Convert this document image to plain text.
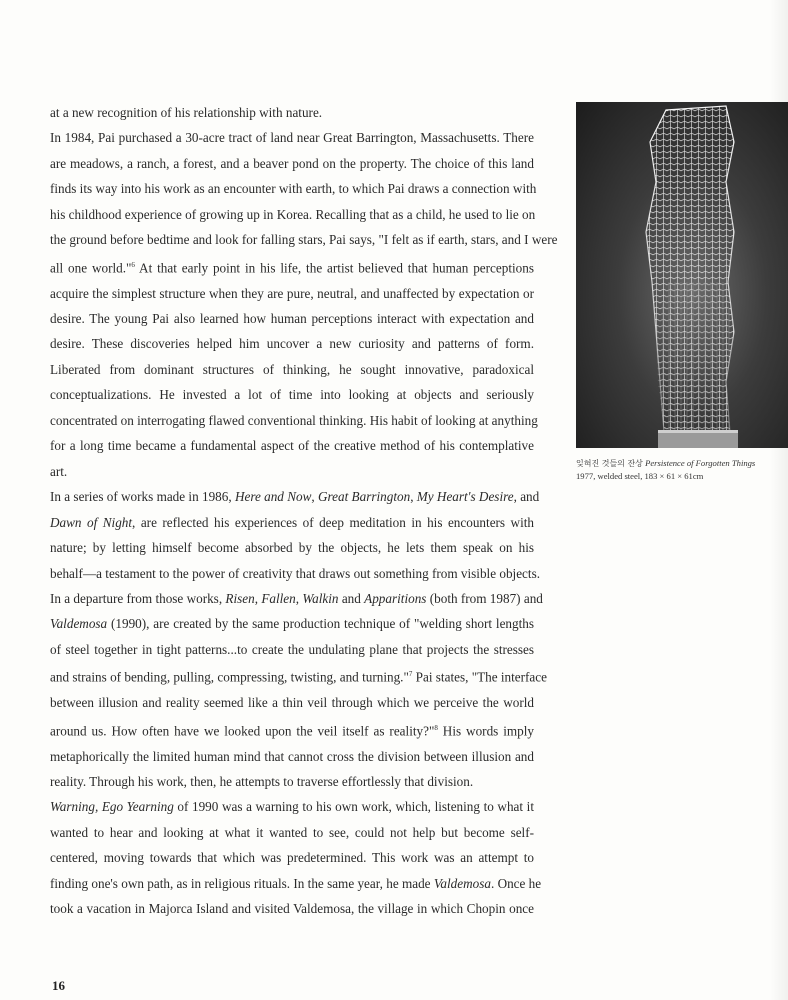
at a new recognition of his relationship with nature.
In 1984, Pai purchased a 30-acre tract of land near Great Barrington, Massachusetts. There
are meadows, a ranch, a forest, and a beaver pond on the property. The choice of this land
finds its way into his work as an encounter with earth, to which Pai draws a connection with
his childhood experience of growing up in Korea. Recalling that as a child, he used to lie on
the ground before bedtime and look for falling stars, Pai says, "I felt as if earth, stars, and I were
all one world."$^6$ At that early point in his life, the artist believed that human perceptions
acquire the simplest structure when they are pure, neutral, and unaffected by expectation or
desire. The young Pai also learned how human perceptions interact with expectation and
desire. These discoveries helped him uncover a new curiosity and patterns of form.
Liberated from dominant structures of thinking, he sought innovative, paradoxical
conceptualizations. He invested a lot of time into looking at objects and seriously
concentrated on interrogating flawed conventional thinking. His habit of looking at anything
for a long time became a fundamental aspect of the creative method of his contemplative
art.
In a series of works made in 1986, Here and Now, Great Barrington, My Heart's Desire, and
Dawn of Night, are reflected his experiences of deep meditation in his encounters with
nature; by letting himself become absorbed by the objects, he lets them speak on his
behalf—a testament to the power of creativity that draws out something from visible objects.
In a departure from those works, Risen, Fallen, Walkin and Apparitions (both from 1987) and
Valdemosa (1990), are created by the same production technique of "welding short lengths
of steel together in tight patterns...to create the undulating plane that projects the stresses
and strains of bending, pulling, compressing, twisting, and turning."$^7$ Pai states, "The interface
between illusion and reality seemed like a thin veil through which we perceive the world
around us. How often have we looked upon the veil itself as reality?"$^8$ His words imply
metaphorically the limited human mind that cannot cross the division between illusion and
reality. Through his work, then, he attempts to traverse effortlessly that division.
Warning, Ego Yearning of 1990 was a warning to his own work, which, listening to what it
wanted to hear and looking at what it wanted to see, could not help but become self-
centered, moving towards that which was predetermined. This work was an attempt to
finding one's own path, as in religious rituals. In the same year, he made Valdemosa. Once he
took a vacation in Majorca Island and visited Valdemosa, the village in which Chopin once
잊혀진 것들의 잔상 Persistence of Forgotten Things
1977, welded steel, 183 × 61 × 61cm
16
